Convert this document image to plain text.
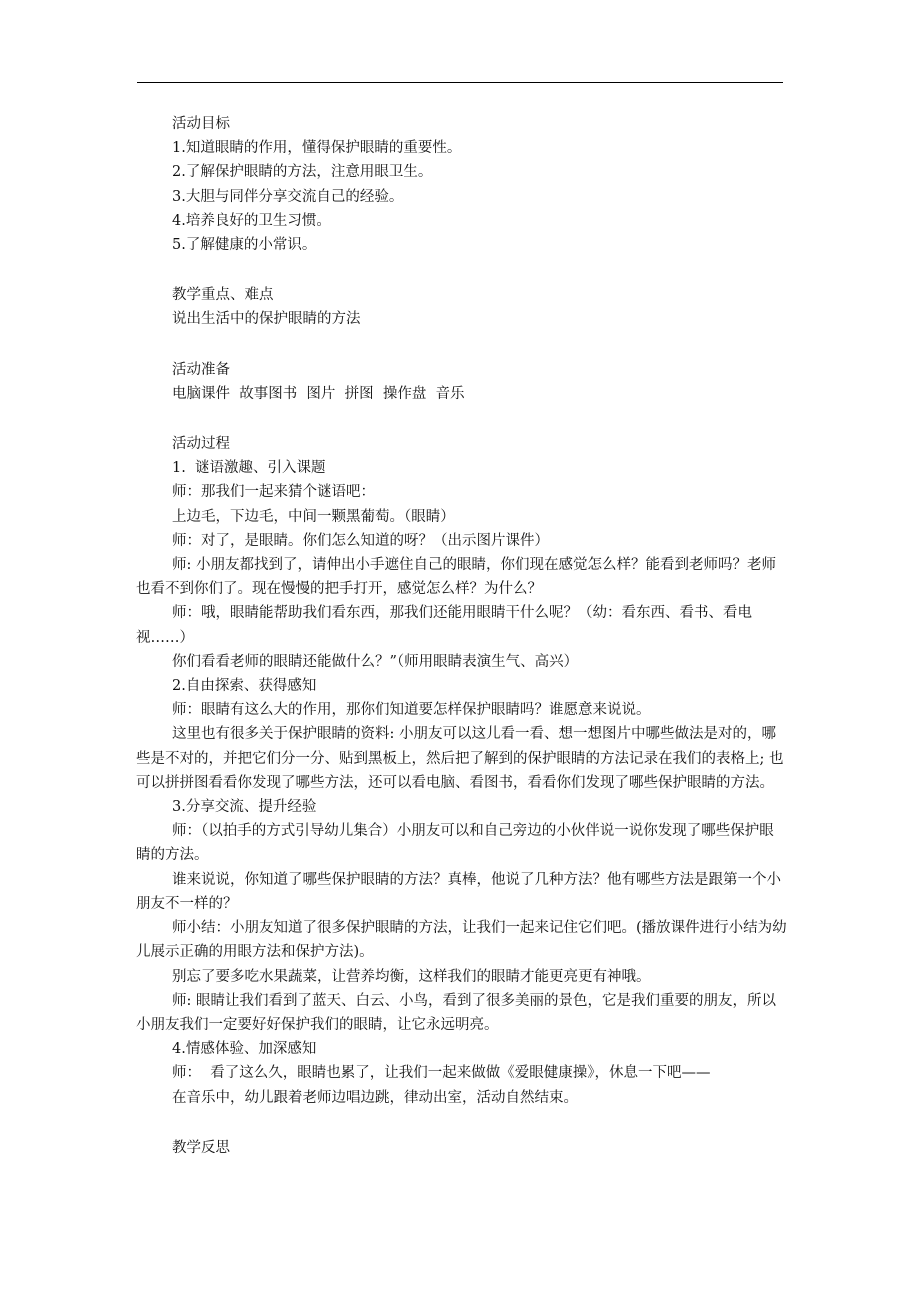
活动目标

1.知道眼睛的作用，懂得保护眼睛的重要性。

2.了解保护眼睛的方法，注意用眼卫生。

3.大胆与同伴分享交流自己的经验。

4.培养良好的卫生习惯。

5.了解健康的小常识。

教学重点、难点

说出生活中的保护眼睛的方法

活动准备

电脑课件  故事图书  图片  拼图  操作盘  音乐

活动过程

1.  谜语激趣、引入课题

师：那我们一起来猜个谜语吧：

上边毛，下边毛，中间一颗黑葡萄。（眼睛）

师：对了，是眼睛。你们怎么知道的呀？（出示图片课件）

师: 小朋友都找到了，请伸出小手遮住自己的眼睛，你们现在感觉怎么样？能看到老师吗？老师也看不到你们了。现在慢慢的把手打开，感觉怎么样？为什么？

师：哦，眼睛能帮助我们看东西，那我们还能用眼睛干什么呢？（幼：看东西、看书、看电视……）

你们看看老师的眼睛还能做什么？”（师用眼睛表演生气、高兴）

2.自由探索、获得感知

师：眼睛有这么大的作用，那你们知道要怎样保护眼睛吗？谁愿意来说说。

这里也有很多关于保护眼睛的资料: 小朋友可以这儿看一看、想一想图片中哪些做法是对的，哪些是不对的，并把它们分一分、贴到黑板上，然后把了解到的保护眼睛的方法记录在我们的表格上; 也可以拼拼图看看你发现了哪些方法，还可以看电脑、看图书，看看你们发现了哪些保护眼睛的方法。

3.分享交流、提升经验

师：（以拍手的方式引导幼儿集合）小朋友可以和自己旁边的小伙伴说一说你发现了哪些保护眼睛的方法。

谁来说说，你知道了哪些保护眼睛的方法？真棒，他说了几种方法？他有哪些方法是跟第一个小朋友不一样的？

师小结：小朋友知道了很多保护眼睛的方法，让我们一起来记住它们吧。(播放课件进行小结为幼儿展示正确的用眼方法和保护方法)。

别忘了要多吃水果蔬菜，让营养均衡，这样我们的眼睛才能更亮更有神哦。

师: 眼睛让我们看到了蓝天、白云、小鸟，看到了很多美丽的景色，它是我们重要的朋友，所以小朋友我们一定要好好保护我们的眼睛，让它永远明亮。

4.情感体验、加深感知

师：  看了这么久，眼睛也累了，让我们一起来做做《爱眼健康操》，休息一下吧——

在音乐中，幼儿跟着老师边唱边跳，律动出室，活动自然结束。

教学反思
